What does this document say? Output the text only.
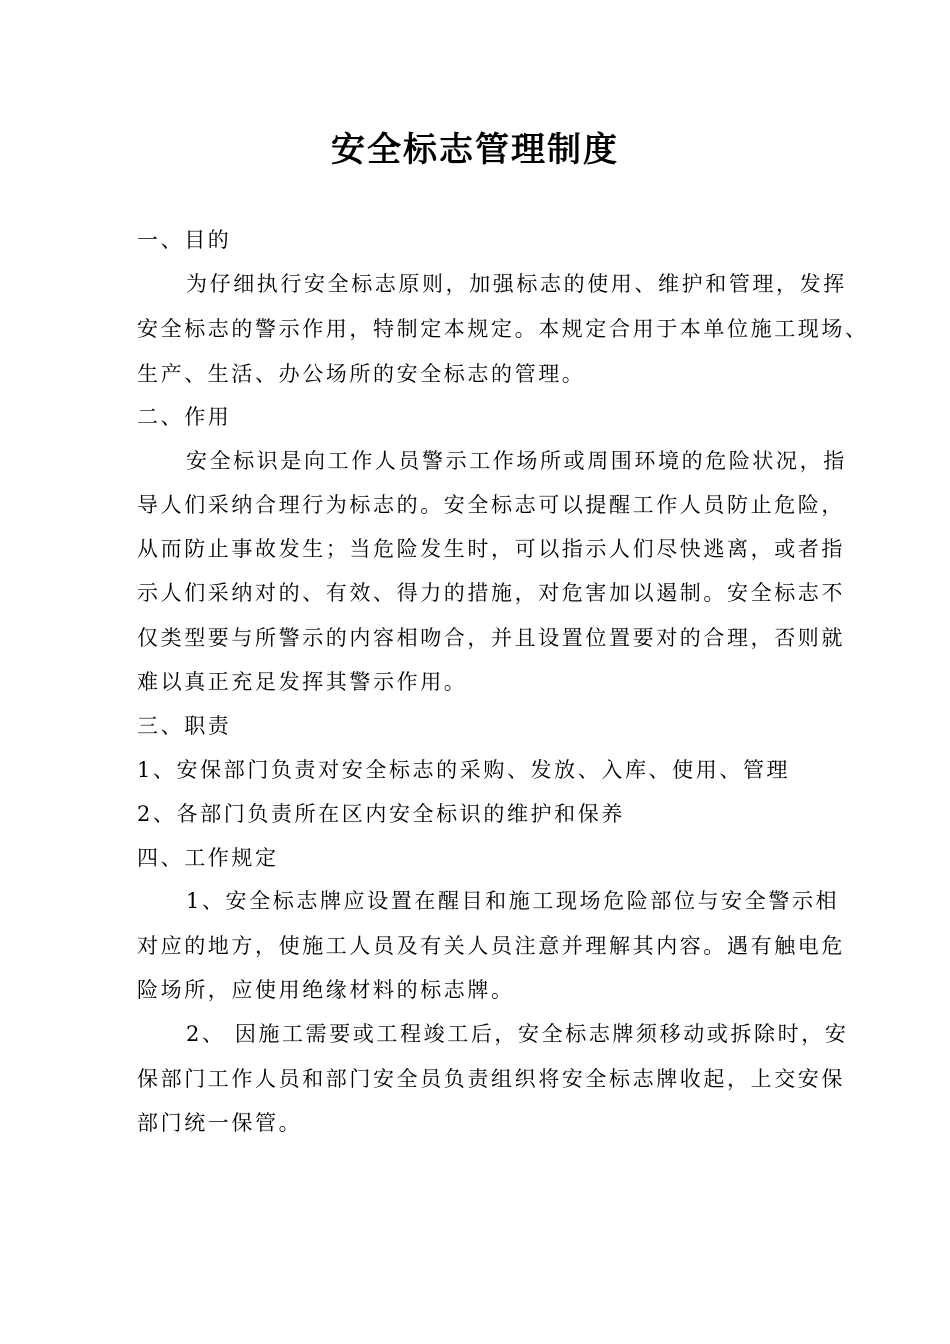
安全标志管理制度
一、目的
为仔细执行安全标志原则，加强标志的使用、维护和管理，发挥
安全标志的警示作用，特制定本规定。本规定合用于本单位施工现场、
生产、生活、办公场所的安全标志的管理。
二、作用
安全标识是向工作人员警示工作场所或周围环境的危险状况，指
导人们采纳合理行为标志的。安全标志可以提醒工作人员防止危险，
从而防止事故发生；当危险发生时，可以指示人们尽快逃离，或者指
示人们采纳对的、有效、得力的措施，对危害加以遏制。安全标志不
仅类型要与所警示的内容相吻合，并且设置位置要对的合理，否则就
难以真正充足发挥其警示作用。
三、职责
1、安保部门负责对安全标志的采购、发放、入库、使用、管理
2、各部门负责所在区内安全标识的维护和保养
四、工作规定
1、安全标志牌应设置在醒目和施工现场危险部位与安全警示相
对应的地方，使施工人员及有关人员注意并理解其内容。遇有触电危
险场所，应使用绝缘材料的标志牌。
2、 因施工需要或工程竣工后，安全标志牌须移动或拆除时，安
保部门工作人员和部门安全员负责组织将安全标志牌收起，上交安保
部门统一保管。
